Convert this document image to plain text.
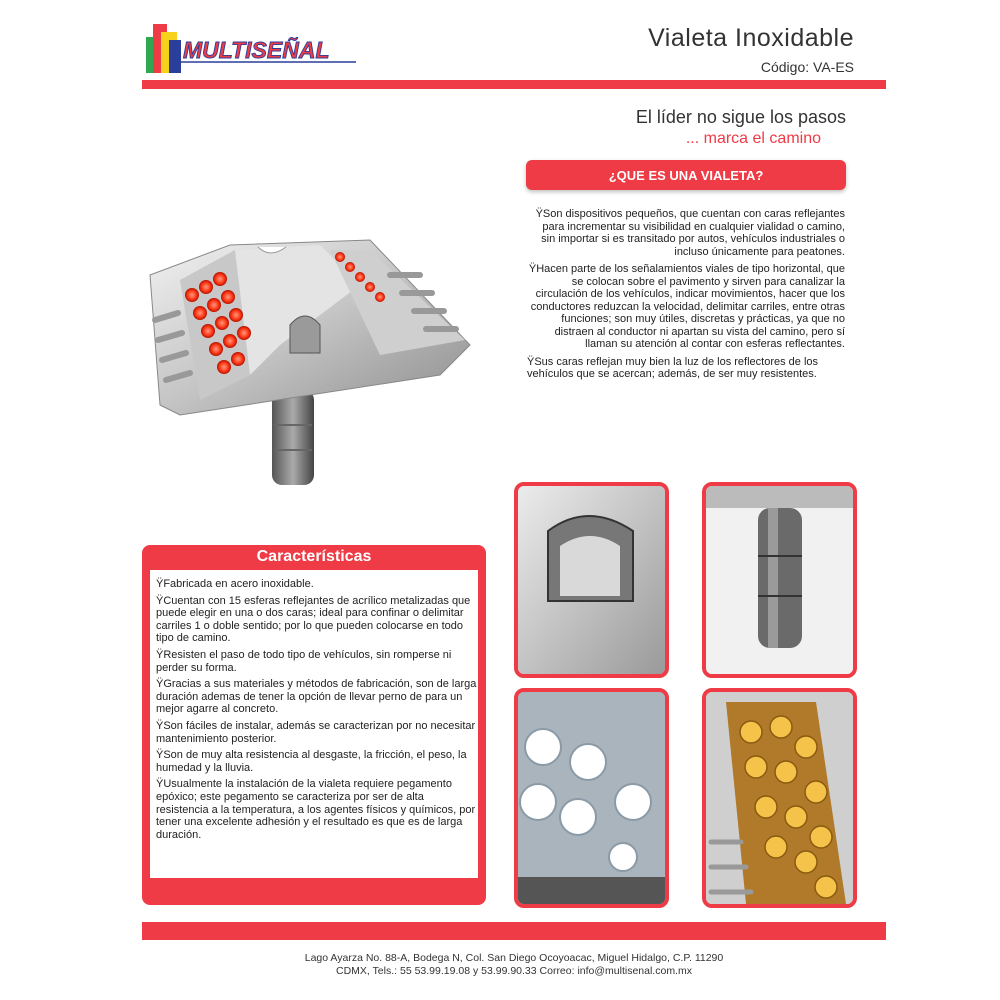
MULTISEÑAL	Vialeta Inoxidable
Código: VA-ES
El líder no sigue los pasos
... marca el camino
¿QUE ES UNA VIALETA?

ŸSon dispositivos pequeños, que cuentan con caras reflejantes para incrementar su visibilidad en cualquier vialidad o camino, sin importar si es transitado por autos, vehículos industriales o incluso únicamente para peatones.

ŸHacen parte de los señalamientos viales de tipo horizontal, que se colocan sobre el pavimento y sirven para canalizar la circulación de los vehículos, indicar movimientos, hacer que los conductores reduzcan la velocidad, delimitar carriles, entre otras funciones; son muy útiles, discretas y prácticas, ya que no distraen al conductor ni apartan su vista del camino, pero sí llaman su atención al contar con esferas reflectantes.

ŸSus caras reflejan muy bien la luz de los reflectores de los vehículos que se acercan; además, de ser muy resistentes.

Características

ŸFabricada en acero inoxidable.

ŸCuentan con 15 esferas reflejantes de acrílico metalizadas que puede elegir en una o dos caras; ideal para confinar o delimitar carriles 1 o doble sentido; por lo que pueden colocarse en todo tipo de camino.

ŸResisten el paso de todo tipo de vehículos, sin romperse ni perder su forma.

ŸGracias a sus materiales y métodos de fabricación, son de larga duración ademas de tener la opción de llevar perno de para un mejor agarre al concreto.

ŸSon fáciles de instalar, además se caracterizan por no necesitar mantenimiento posterior.

ŸSon de muy alta resistencia al desgaste, la fricción, el peso, la humedad y la lluvia.

ŸUsualmente la instalación de la vialeta requiere pegamento epóxico; este pegamento se caracteriza por ser de alta resistencia a la temperatura, a los agentes físicos y químicos, por tener una excelente adhesión y el resultado es que es de larga duración.

Lago Ayarza No. 88-A, Bodega N, Col. San Diego Ocoyoacac, Miguel Hidalgo, C.P. 11290
CDMX, Tels.: 55 53.99.19.08 y 53.99.90.33 Correo: info@multisenal.com.mx
